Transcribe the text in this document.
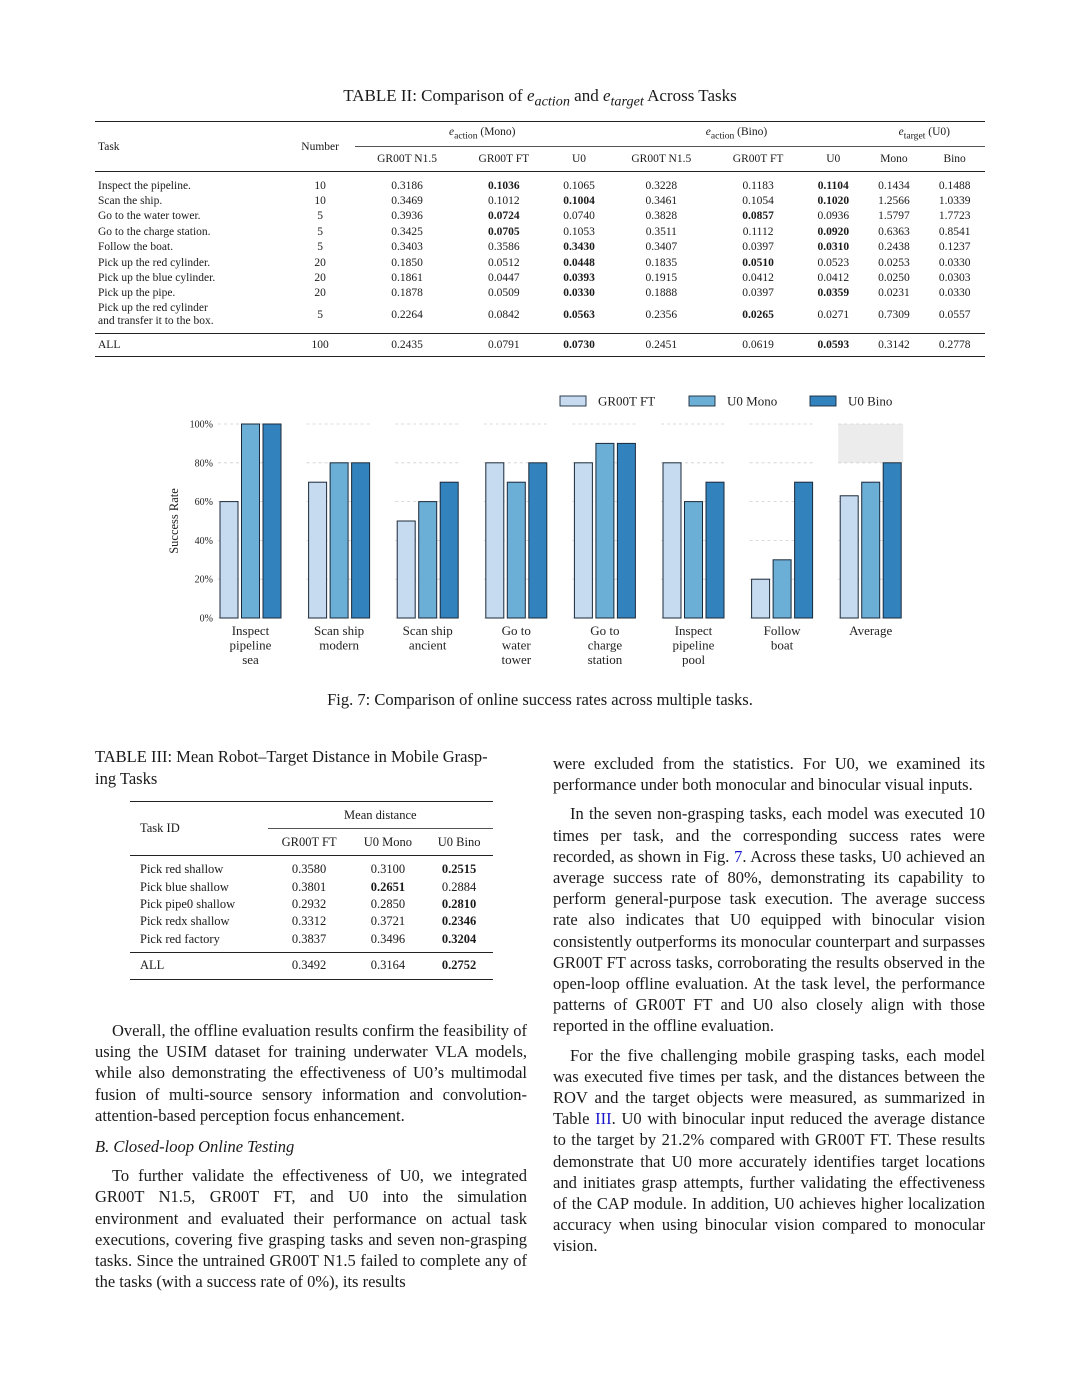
TABLE II: Comparison of $e_{action}$ and $e_{target}$ Across Tasks
Task	Number	$e_{action}$ (Mono)			$e_{action}$ (Bino)			$e_{target}$ (U0)	
		GR00T N1.5	GR00T FT	U0	GR00T N1.5	GR00T FT	U0	Mono	Bino
Inspect the pipeline.	10	0.3186	0.1036	0.1065	0.3228	0.1183	0.1104	0.1434	0.1488
Scan the ship.	10	0.3469	0.1012	0.1004	0.3461	0.1054	0.1020	1.2566	1.0339
Go to the water tower.	5	0.3936	0.0724	0.0740	0.3828	0.0857	0.0936	1.5797	1.7723
Go to the charge station.	5	0.3425	0.0705	0.1053	0.3511	0.1112	0.0920	0.6363	0.8541
Follow the boat.	5	0.3403	0.3586	0.3430	0.3407	0.0397	0.0310	0.2438	0.1237
Pick up the red cylinder.	20	0.1850	0.0512	0.0448	0.1835	0.0510	0.0523	0.0253	0.0330
Pick up the blue cylinder.	20	0.1861	0.0447	0.0393	0.1915	0.0412	0.0412	0.0250	0.0303
Pick up the pipe.	20	0.1878	0.0509	0.0330	0.1888	0.0397	0.0359	0.0231	0.0330
Pick up the red cylinder
and transfer it to the box.	5	0.2264	0.0842	0.0563	0.2356	0.0265	0.0271	0.7309	0.0557
ALL	100	0.2435	0.0791	0.0730	0.2451	0.0619	0.0593	0.3142	0.2778
0%
20%
40%
60%
80%
100%
Success Rate
Inspect
pipeline
sea
Scan ship
modern
Scan ship
ancient
Go to
water
tower
Go to
charge
station
Inspect
pipeline
pool
Follow
boat
Average
GR00T FT	U0 Mono	U0 Bino
Fig. 7: Comparison of online success rates across multiple tasks.
TABLE III: Mean Robot–Target Distance in Mobile Grasp-
ing Tasks
Task ID	Mean distance		
	GR00T FT	U0 Mono	U0 Bino
Pick red shallow	0.3580	0.3100	0.2515
Pick blue shallow	0.3801	0.2651	0.2884
Pick pipe0 shallow	0.2932	0.2850	0.2810
Pick redx shallow	0.3312	0.3721	0.2346
Pick red factory	0.3837	0.3496	0.3204
ALL	0.3492	0.3164	0.2752

Overall, the offline evaluation results confirm the feasibility of using the USIM dataset for training underwater VLA models, while also demonstrating the effectiveness of U0’s multimodal fusion of multi-source sensory information and convolution-attention-based perception focus enhancement.

B. Closed-loop Online Testing

To further validate the effectiveness of U0, we integrated GR00T N1.5, GR00T FT, and U0 into the simulation environment and evaluated their performance on actual task executions, covering five grasping tasks and seven non-grasping tasks. Since the untrained GR00T N1.5 failed to complete any of the tasks (with a success rate of 0%), its results

were excluded from the statistics. For U0, we examined its performance under both monocular and binocular visual inputs.

In the seven non-grasping tasks, each model was executed 10 times per task, and the corresponding success rates were recorded, as shown in Fig. 7. Across these tasks, U0 achieved an average success rate of 80%, demonstrating its capability to perform general-purpose task execution. The average success rate also indicates that U0 equipped with binocular vision consistently outperforms its monocular counterpart and surpasses GR00T FT across tasks, corroborating the results observed in the open-loop offline evaluation. At the task level, the performance patterns of GR00T FT and U0 also closely align with those reported in the offline evaluation.

For the five challenging mobile grasping tasks, each model was executed five times per task, and the distances between the ROV and the target objects were measured, as summarized in Table III. U0 with binocular input reduced the average distance to the target by 21.2% compared with GR00T FT. These results demonstrate that U0 more accurately identifies target locations and initiates grasp attempts, further validating the effectiveness of the CAP module. In addition, U0 achieves higher localization accuracy when using binocular vision compared to monocular vision.
